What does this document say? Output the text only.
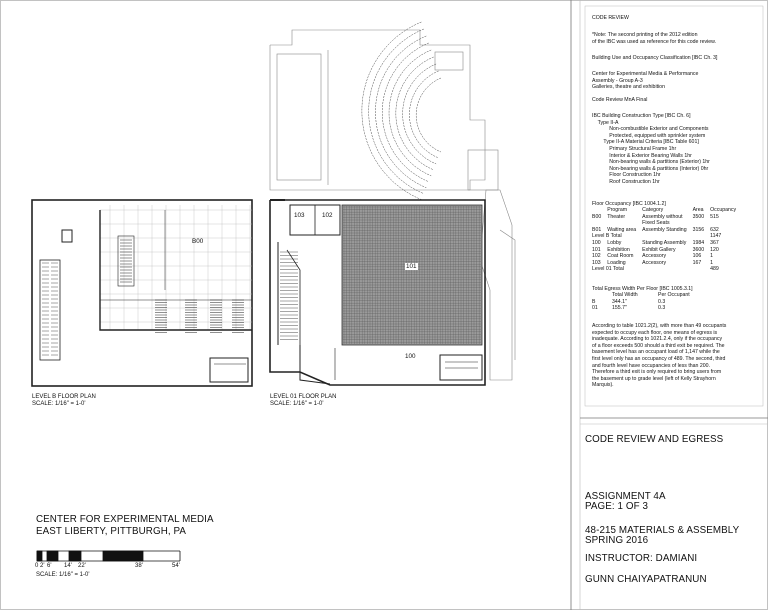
B00
103	102
101
100
LEVEL B FLOOR PLAN
SCALE: 1/16" = 1-0'
LEVEL 01 FLOOR PLAN
SCALE: 1/16" = 1-0'
CENTER FOR EXPERIMENTAL MEDIA
EAST LIBERTY, PITTBURGH, PA
0 2' 6' 14' 22'	38'	54'
SCALE: 1/16" = 1-0'
CODE REVIEW
*Note: The second printing of the 2012 edition
of the IBC was used as reference for this code review.
Building Use and Occupancy Classification [IBC Ch. 3]
Center for Experimental Media & Performance
Assembly - Group A-3
Galleries, theatre and exhibition
Code Review MnA Final
IBC Building Construction Type [IBC Ch. 6]
Type II-A
Non-combustible Exterior and Components
Protected, equipped with sprinkler system
Type II-A Material Criteria [IBC Table 601]
Primary Structural Frame 1hr
Interior & Exterior Bearing Walls 1hr
Non-bearing walls & partitions (Exterior) 1hr
Non-bearing walls & partitions (Interior) 0hr
Floor Construction 1hr
Roof Construction 1hr
Floor Occupancy [IBC 1004.1.2]
	Program	Category	Area	Occupancy
B00	Theater	Assembly without
Fixed Seats	3500	515
B01	Waiting area	Assembly Standing	3156	632
Level B Total				1147
100	Lobby	Standing Assembly	1984	367
101	Exhibition	Exhibit Gallery	3600	120
102	Coat Room	Accessory	106	1
103	Loading	Accessory	167	1
Level 01 Total				489
Total Egress Width Per Floor [IBC 1005.3.1]
	Total Width	Per Occupant
B	344.1"	0.3
01	155.7"	0.3
According to table 1021.2(2), with more than 49 occupants
expected to occupy each floor, one means of egress is
inadequate. According to 1021.2.4, only if the occupancy
of a floor exceeds 500 should a third exit be required. The
basement level has an occupant load of 1,147 while the
first level only has an occupancy of 489. The second, third
and fourth level have occupancies of less than 200.
Therefore a third exit is only required to bring users from
the basement up to grade level (left of Kelly Strayhorn
Marquis).
CODE REVIEW AND EGRESS
ASSIGNMENT 4A
PAGE: 1 OF 3
48-215 MATERIALS & ASSEMBLY
SPRING 2016
INSTRUCTOR: DAMIANI
GUNN CHAIYAPATRANUN
